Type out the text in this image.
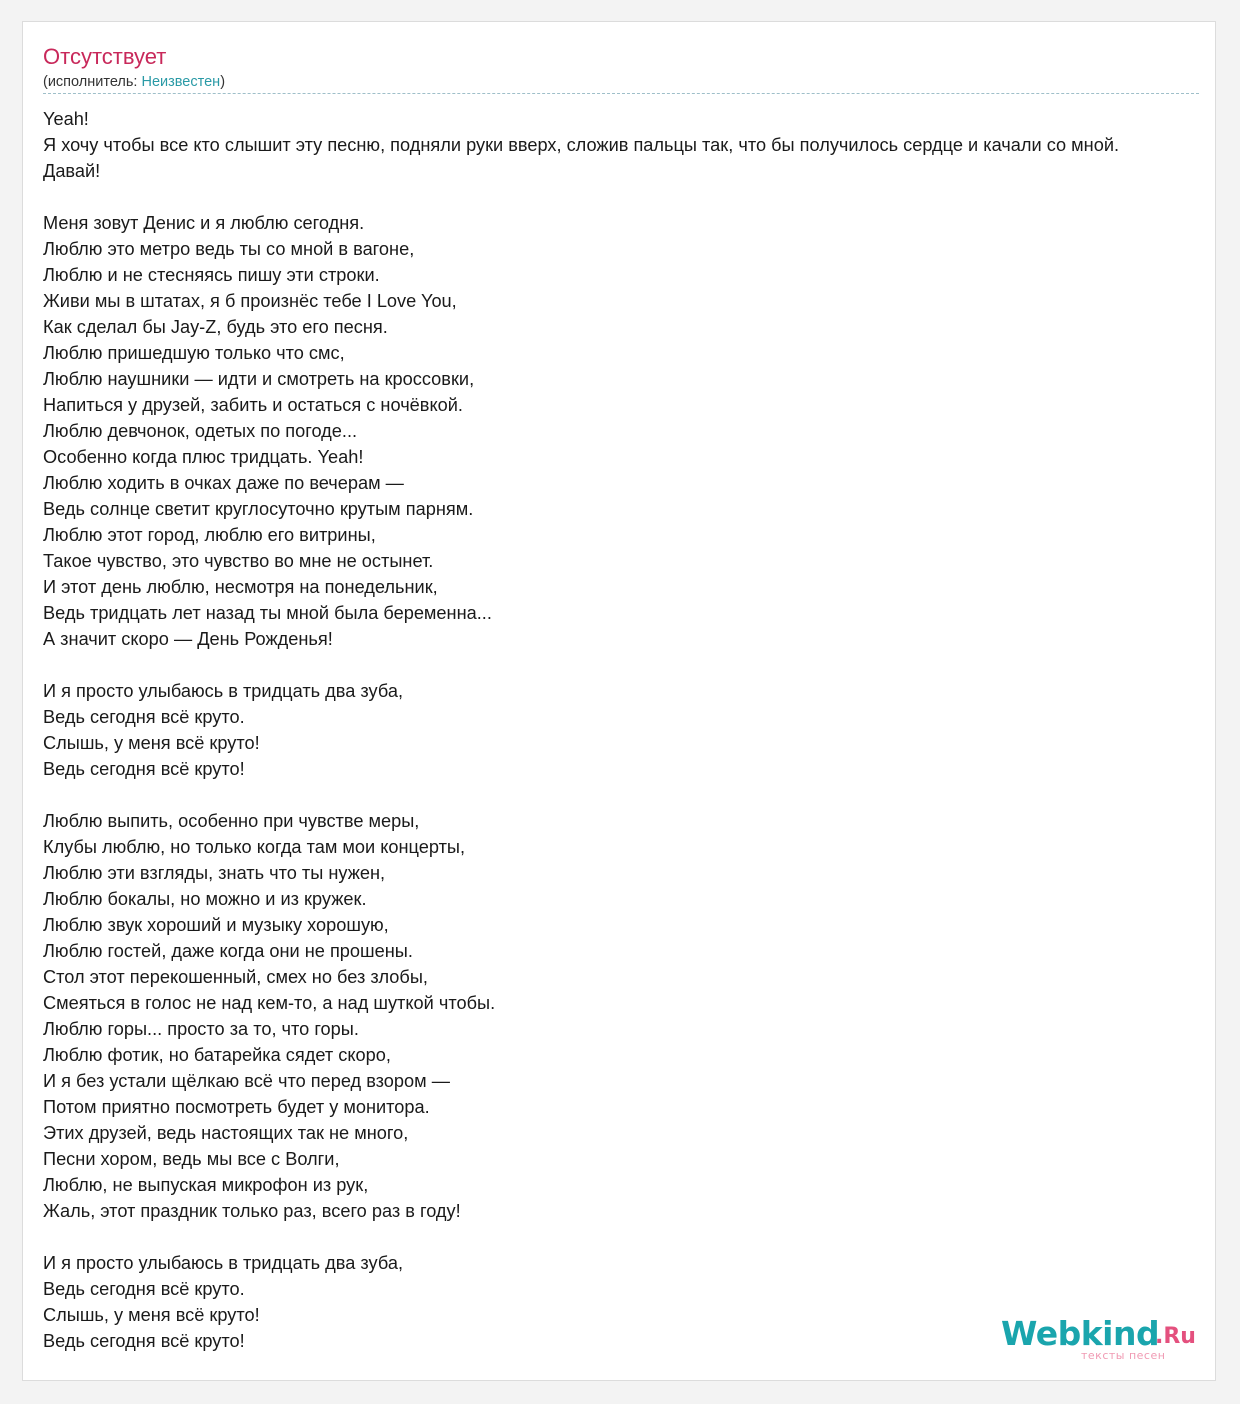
Отсутствует
(исполнитель: Неизвестен)
Yeah!
Я хочу чтобы все кто слышит эту песню, подняли руки вверх, сложив пальцы так, что бы получилось сердце и качали со мной.
Давай!

Меня зовут Денис и я люблю сегодня.
Люблю это метро ведь ты со мной в вагоне,
Люблю и не стесняясь пишу эти строки.
Живи мы в штатах, я б произнёс тебе I Love You,
Как сделал бы Jay-Z, будь это его песня.
Люблю пришедшую только что смс,
Люблю наушники — идти и смотреть на кроссовки,
Напиться у друзей, забить и остаться с ночёвкой.
Люблю девчонок, одетых по погоде...
Особенно когда плюс тридцать. Yeah!
Люблю ходить в очках даже по вечерам —
Ведь солнце светит круглосуточно крутым парням.
Люблю этот город, люблю его витрины,
Такое чувство, это чувство во мне не остынет.
И этот день люблю, несмотря на понедельник,
Ведь тридцать лет назад ты мной была беременна...
А значит скоро — День Рожденья!

И я просто улыбаюсь в тридцать два зуба,
Ведь сегодня всё круто.
Слышь, у меня всё круто!
Ведь сегодня всё круто!

Люблю выпить, особенно при чувстве меры,
Клубы люблю, но только когда там мои концерты,
Люблю эти взгляды, знать что ты нужен,
Люблю бокалы, но можно и из кружек.
Люблю звук хороший и музыку хорошую,
Люблю гостей, даже когда они не прошены.
Стол этот перекошенный, смех но без злобы,
Смеяться в голос не над кем-то, а над шуткой чтобы.
Люблю горы... просто за то, что горы.
Люблю фотик, но батарейка сядет скоро,
И я без устали щёлкаю всё что перед взором —
Потом приятно посмотреть будет у монитора.
Этих друзей, ведь настоящих так не много,
Песни хором, ведь мы все с Волги,
Люблю, не выпуская микрофон из рук,
Жаль, этот праздник только раз, всего раз в году!

И я просто улыбаюсь в тридцать два зуба,
Ведь сегодня всё круто.
Слышь, у меня всё круто!
Ведь сегодня всё круто!	Webkind
.Ru
тексты песен
